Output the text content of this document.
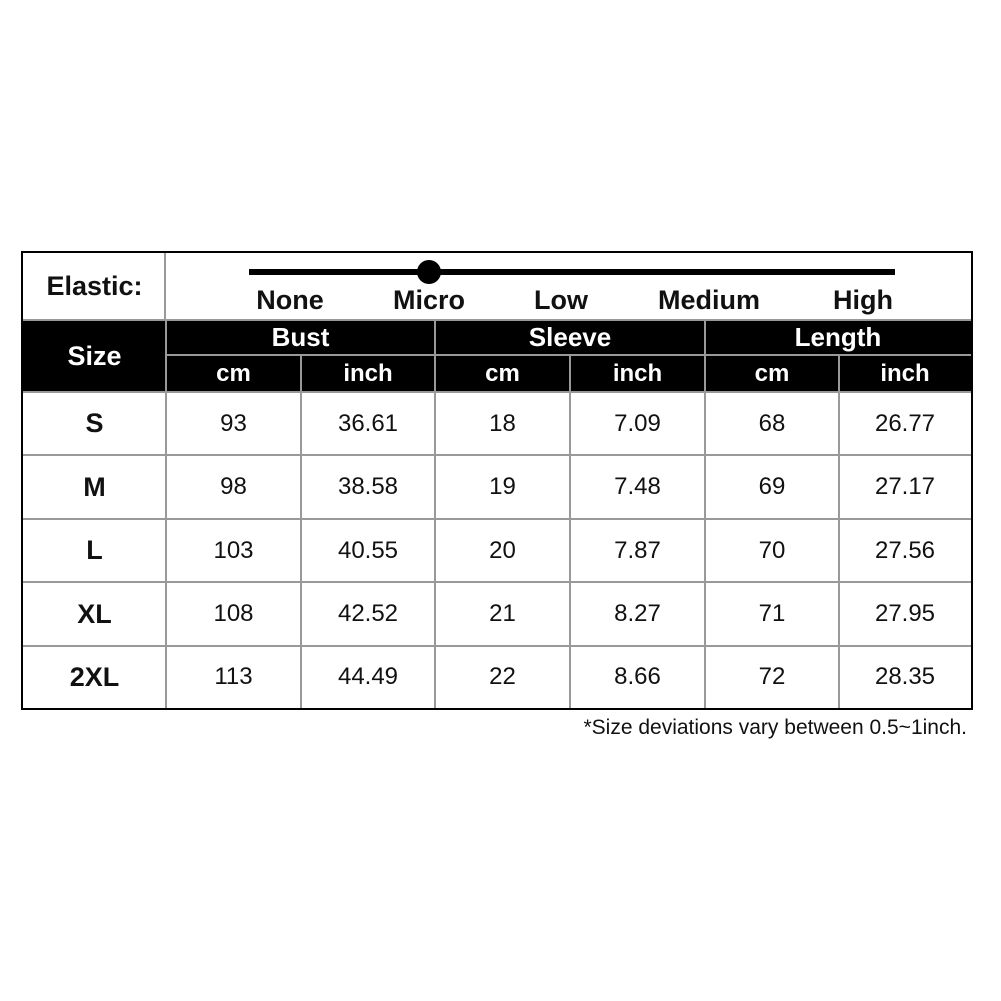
Elastic:	None	Micro	Low	Medium	High
Size
Bust	Sleeve	Length
cm	inch	cm	inch	cm	inch
S	93	36.61	18	7.09	68	26.77
M	98	38.58	19	7.48	69	27.17
L	103	40.55	20	7.87	70	27.56
XL	108	42.52	21	8.27	71	27.95
2XL	113	44.49	22	8.66	72	28.35
*Size deviations vary between 0.5~1inch.
